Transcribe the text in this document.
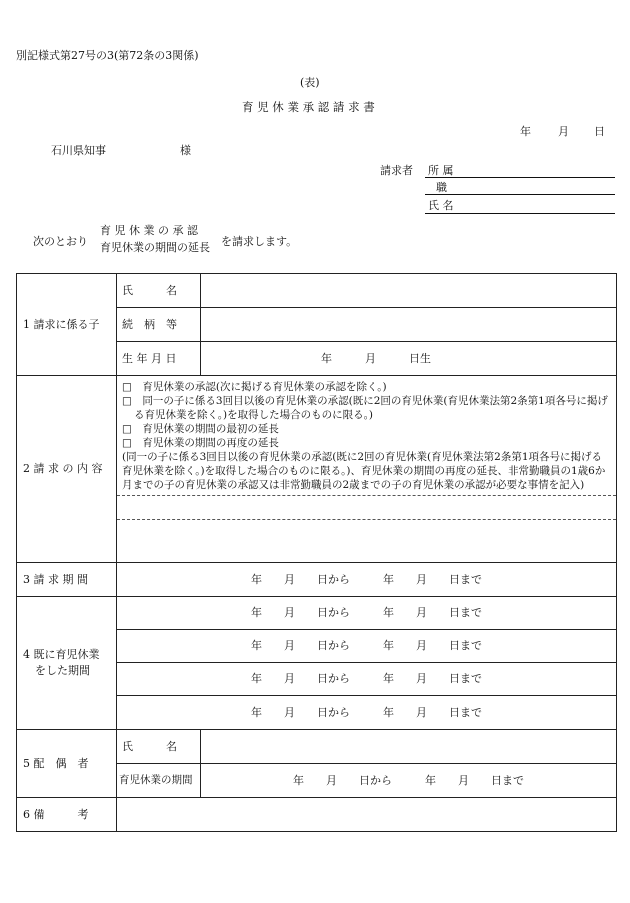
別記様式第27号の3(第72条の3関係)
(表)
育 児 休 業 承 認 請 求 書
年 月 日
石川県知事	様
請求者 所 属
職
氏 名
次のとおり
育 児 休 業 の 承 認
育児休業の期間の延長 を請求します。
1 請求に係る子	氏　　　名	
	続　柄　等	
	生 年 月 日	年　　　月　　　日生
2 請 求 の 内 容	□　育児休業の承認(次に掲げる育児休業の承認を除く。)
□　同一の子に係る3回目以後の育児休業の承認(既に2回の育児休業(育児休業法第2条第1項各号に掲げる育児休業を除く。)を取得した場合のものに限る。)
□　育児休業の期間の最初の延長
□　育児休業の期間の再度の延長
(同一の子に係る3回目以後の育児休業の承認(既に2回の育児休業(育児休業法第2条第1項各号に掲げる育児休業を除く。)を取得した場合のものに限る。)、育児休業の期間の再度の延長、非常勤職員の1歳6か月までの子の育児休業の承認又は非常勤職員の2歳までの子の育児休業の承認が必要な事情を記入)	

3 請 求 期 間	年　　月　　日から　　　年　　月　　日まで	

4 既に育児休業
をした期間	年　　月　　日から　　　年　　月　　日まで	
	年　　月　　日から　　　年　　月　　日まで	
	年　　月　　日から　　　年　　月　　日まで	
	年　　月　　日から　　　年　　月　　日まで	
5 配　偶　者	氏　　　名	
	育児休業の期間	年　　月　　日から　　　年　　月　　日まで
6 備　　　考		
